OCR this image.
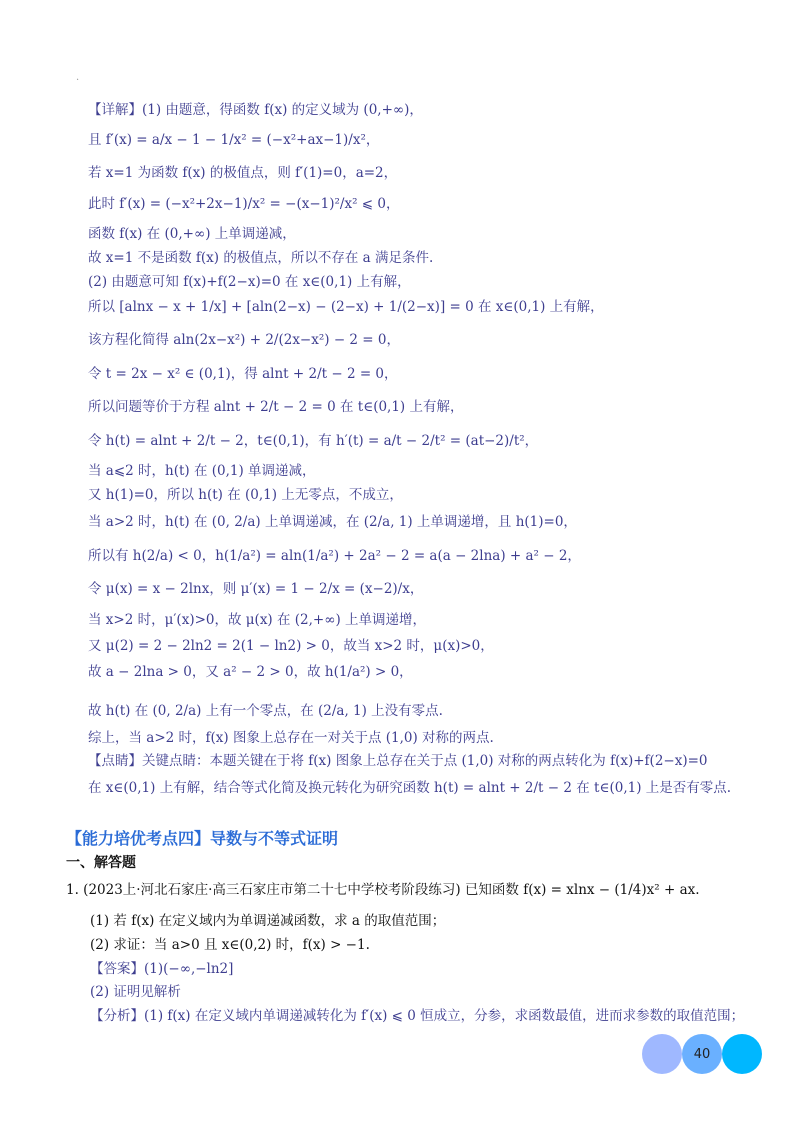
.
【详解】(1) 由题意，得函数 f(x) 的定义域为 (0,+∞)，
且 f′(x) = a/x − 1 − 1/x² = (−x²+ax−1)/x²，
若 x=1 为函数 f(x) 的极值点，则 f′(1)=0，a=2，
此时 f′(x) = (−x²+2x−1)/x² = −(x−1)²/x² ⩽ 0，
函数 f(x) 在 (0,+∞) 上单调递减，
故 x=1 不是函数 f(x) 的极值点，所以不存在 a 满足条件.
(2) 由题意可知 f(x)+f(2−x)=0 在 x∈(0,1) 上有解，
所以 [alnx − x + 1/x] + [aln(2−x) − (2−x) + 1/(2−x)] = 0 在 x∈(0,1) 上有解，
该方程化简得 aln(2x−x²) + 2/(2x−x²) − 2 = 0，
令 t = 2x − x² ∈ (0,1)，得 alnt + 2/t − 2 = 0，
所以问题等价于方程 alnt + 2/t − 2 = 0 在 t∈(0,1) 上有解，
令 h(t) = alnt + 2/t − 2，t∈(0,1)，有 h′(t) = a/t − 2/t² = (at−2)/t²，
当 a⩽2 时，h(t) 在 (0,1) 单调递减，
又 h(1)=0，所以 h(t) 在 (0,1) 上无零点，不成立，
当 a>2 时，h(t) 在 (0, 2/a) 上单调递减，在 (2/a, 1) 上单调递增，且 h(1)=0，
所以有 h(2/a) < 0，h(1/a²) = aln(1/a²) + 2a² − 2 = a(a − 2lna) + a² − 2，
令 μ(x) = x − 2lnx，则 μ′(x) = 1 − 2/x = (x−2)/x，
当 x>2 时，μ′(x)>0，故 μ(x) 在 (2,+∞) 上单调递增，
又 μ(2) = 2 − 2ln2 = 2(1 − ln2) > 0，故当 x>2 时，μ(x)>0，
故 a − 2lna > 0，又 a² − 2 > 0，故 h(1/a²) > 0，
故 h(t) 在 (0, 2/a) 上有一个零点，在 (2/a, 1) 上没有零点.
综上，当 a>2 时，f(x) 图象上总存在一对关于点 (1,0) 对称的两点.
【点睛】关键点睛：本题关键在于将 f(x) 图象上总存在关于点 (1,0) 对称的两点转化为 f(x)+f(2−x)=0
在 x∈(0,1) 上有解，结合等式化简及换元转化为研究函数 h(t) = alnt + 2/t − 2 在 t∈(0,1) 上是否有零点.
【能力培优考点四】导数与不等式证明
一、解答题
1. (2023上·河北石家庄·高三石家庄市第二十七中学校考阶段练习) 已知函数 f(x) = xlnx − (1/4)x² + ax.
(1) 若 f(x) 在定义域内为单调递减函数，求 a 的取值范围；
(2) 求证：当 a>0 且 x∈(0,2) 时，f(x) > −1.
【答案】(1)(−∞,−ln2]
(2) 证明见解析
【分析】(1) f(x) 在定义域内单调递减转化为 f′(x) ⩽ 0 恒成立，分参，求函数最值，进而求参数的取值范围；
40
